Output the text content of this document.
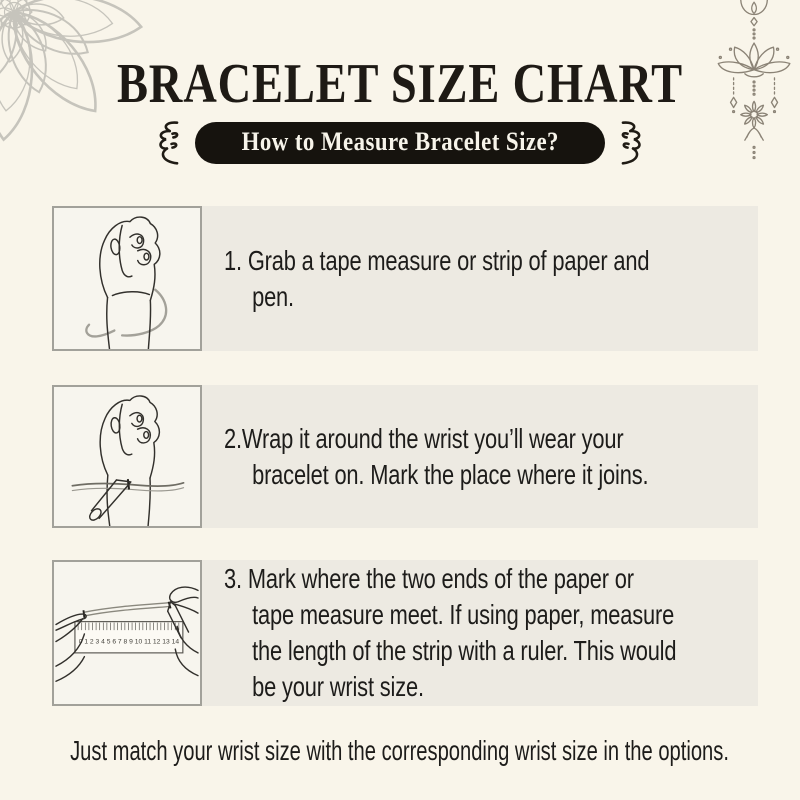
BRACELET SIZE CHART
How to Measure Bracelet Size?
1. Grab a tape measure or strip of paper and
pen.
2.Wrap it around the wrist you’ll wear your
bracelet on. Mark the place where it joins.
0 1 2 3 4 5 6 7 8 9 10 11 12 13 14
3. Mark where the two ends of the paper or
tape measure meet. If using paper, measure
the length of the strip with a ruler. This would
be your wrist size.
Just match your wrist size with the corresponding wrist size in the options.
